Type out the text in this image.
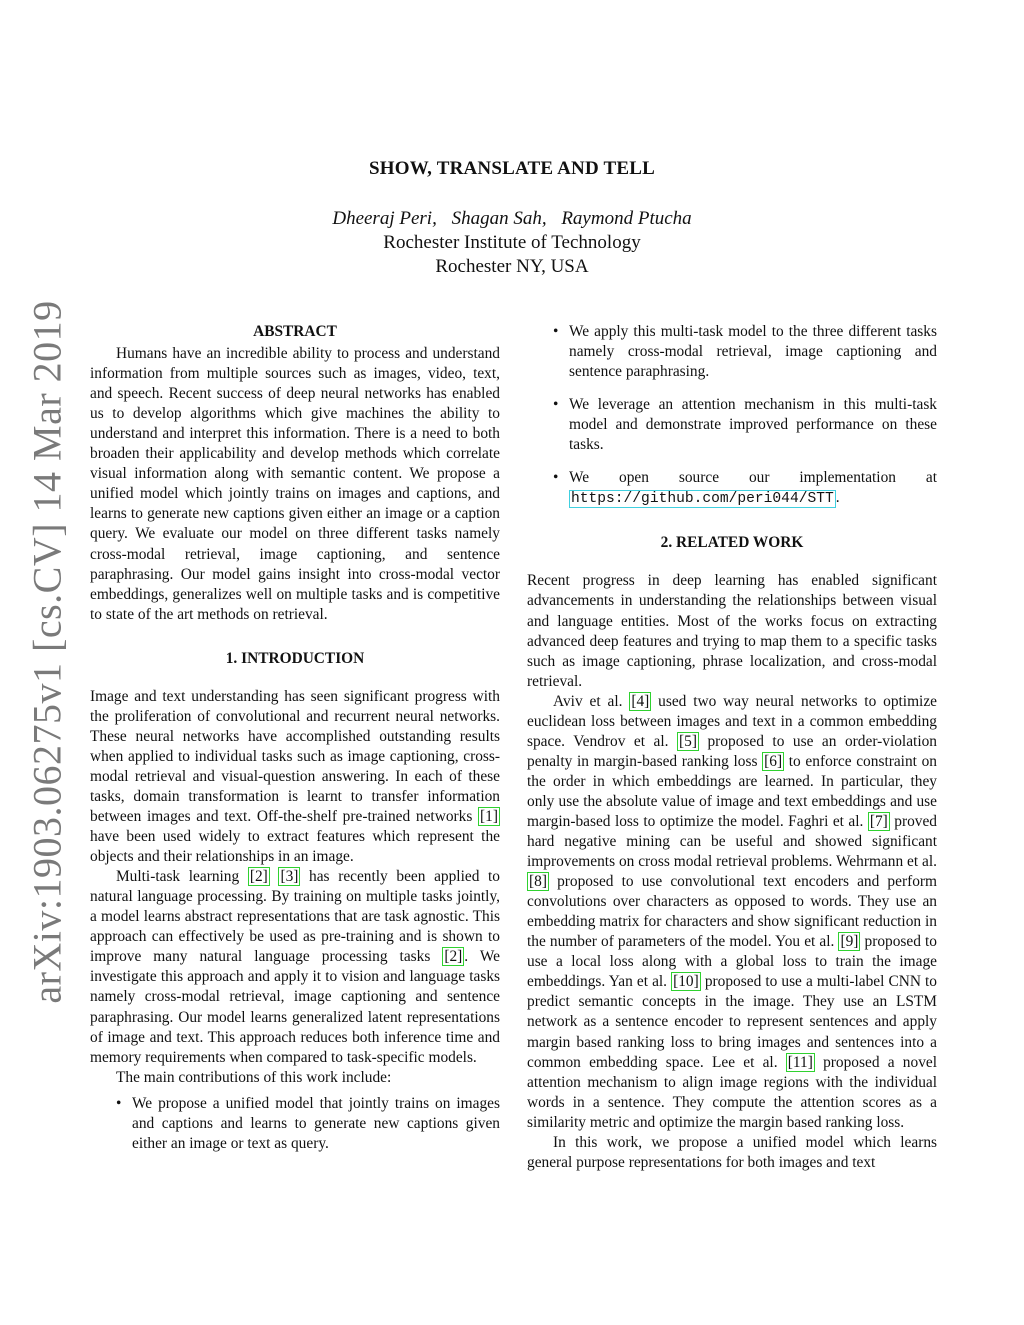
arXiv:1903.06275v1 [cs.CV] 14 Mar 2019
SHOW, TRANSLATE AND TELL
Dheeraj Peri, Shagan Sah, Raymond Ptucha
Rochester Institute of Technology
Rochester NY, USA
ABSTRACT

Humans have an incredible ability to process and understand information from multiple sources such as images, video, text, and speech. Recent success of deep neural networks has enabled us to develop algorithms which give machines the ability to understand and interpret this information. There is a need to both broaden their applicability and develop methods which correlate visual information along with semantic content. We propose a unified model which jointly trains on images and captions, and learns to generate new captions given either an image or a caption query. We evaluate our model on three different tasks namely cross-modal retrieval, image captioning, and sentence paraphrasing. Our model gains insight into cross-modal vector embeddings, generalizes well on multiple tasks and is competitive to state of the art methods on retrieval.

1. INTRODUCTION

Image and text understanding has seen significant progress with the proliferation of convolutional and recurrent neural networks. These neural networks have accomplished outstanding results when applied to individual tasks such as image captioning, cross-modal retrieval and visual-question answering. In each of these tasks, domain transformation is learnt to transfer information between images and text. Off-the-shelf pre-trained networks [1] have been used widely to extract features which represent the objects and their relationships in an image.

Multi-task learning [2] [3] has recently been applied to natural language processing. By training on multiple tasks jointly, a model learns abstract representations that are task agnostic. This approach can effectively be used as pre-training and is shown to improve many natural language processing tasks [2] . We investigate this approach and apply it to vision and language tasks namely cross-modal retrieval, image captioning and sentence paraphrasing. Our model learns generalized latent representations of image and text. This approach reduces both inference time and memory requirements when compared to task-specific models.

The main contributions of this work include:

• We propose a unified model that jointly trains on images and captions and learns to generate new captions given either an image or text as query.
• We apply this multi-task model to the three different tasks namely cross-modal retrieval, image captioning and sentence paraphrasing.
• We leverage an attention mechanism in this multi-task model and demonstrate improved performance on these tasks.
• We open source our implementation at https://github.com/peri044/STT .
2. RELATED WORK

Recent progress in deep learning has enabled significant advancements in understanding the relationships between visual and language entities. Most of the works focus on extracting advanced deep features and trying to map them to a specific tasks such as image captioning, phrase localization, and cross-modal retrieval.

Aviv et al. [4] used two way neural networks to optimize euclidean loss between images and text in a common embedding space. Vendrov et al. [5] proposed to use an order-violation penalty in margin-based ranking loss [6] to enforce constraint on the order in which embeddings are learned. In particular, they only use the absolute value of image and text embeddings and use margin-based loss to optimize the model. Faghri et al. [7] proved hard negative mining can be useful and showed significant improvements on cross modal retrieval problems. Wehrmann et al. [8] proposed to use convolutional text encoders and perform convolutions over characters as opposed to words. They use an embedding matrix for characters and show significant reduction in the number of parameters of the model. You et al. [9] proposed to use a local loss along with a global loss to train the image embeddings. Yan et al. [10] proposed to use a multi-label CNN to predict semantic concepts in the image. They use an LSTM network as a sentence encoder to represent sentences and apply margin based ranking loss to bring images and sentences into a common embedding space. Lee et al. [11] proposed a novel attention mechanism to align image regions with the individual words in a sentence. They compute the attention scores as a similarity metric and optimize the margin based ranking loss.

In this work, we propose a unified model which learns general purpose representations for both images and text
